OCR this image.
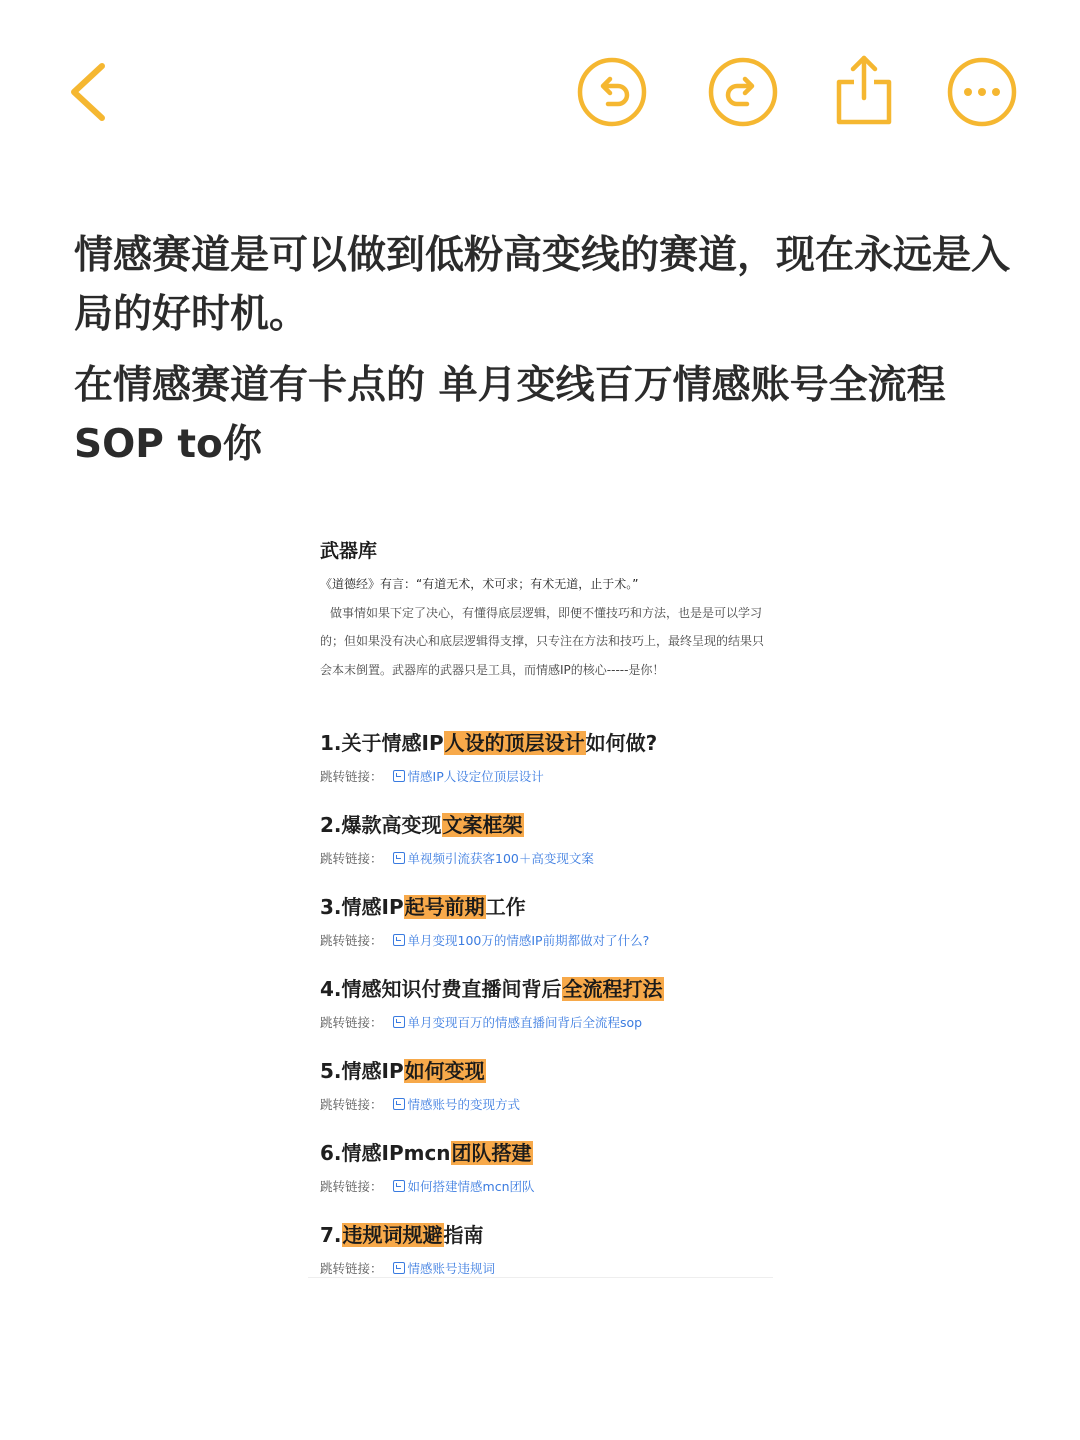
情感赛道是可以做到低粉高变线的赛道，现在永远是入局的好时机。

在情感赛道有卡点的 单月变线百万情感账号全流程SOP to你

武器库

《道德经》有言：“有道无术，术可求；有术无道，止于术。”

做事情如果下定了决心，有懂得底层逻辑，即便不懂技巧和方法，也是是可以学习的；但如果没有决心和底层逻辑得支撑，只专注在方法和技巧上，最终呈现的结果只会本末倒置。武器库的武器只是工具，而情感IP的核心-----是你！

1.关于情感IP人设的顶层设计如何做?
跳转链接： 情感IP人设定位顶层设计
2.爆款高变现文案框架
跳转链接： 单视频引流获客100＋高变现文案
3.情感IP起号前期工作
跳转链接： 单月变现100万的情感IP前期都做对了什么?
4.情感知识付费直播间背后全流程打法
跳转链接： 单月变现百万的情感直播间背后全流程sop
5.情感IP如何变现
跳转链接： 情感账号的变现方式
6.情感IPmcn团队搭建
跳转链接： 如何搭建情感mcn团队
7.违规词规避指南
跳转链接： 情感账号违规词
